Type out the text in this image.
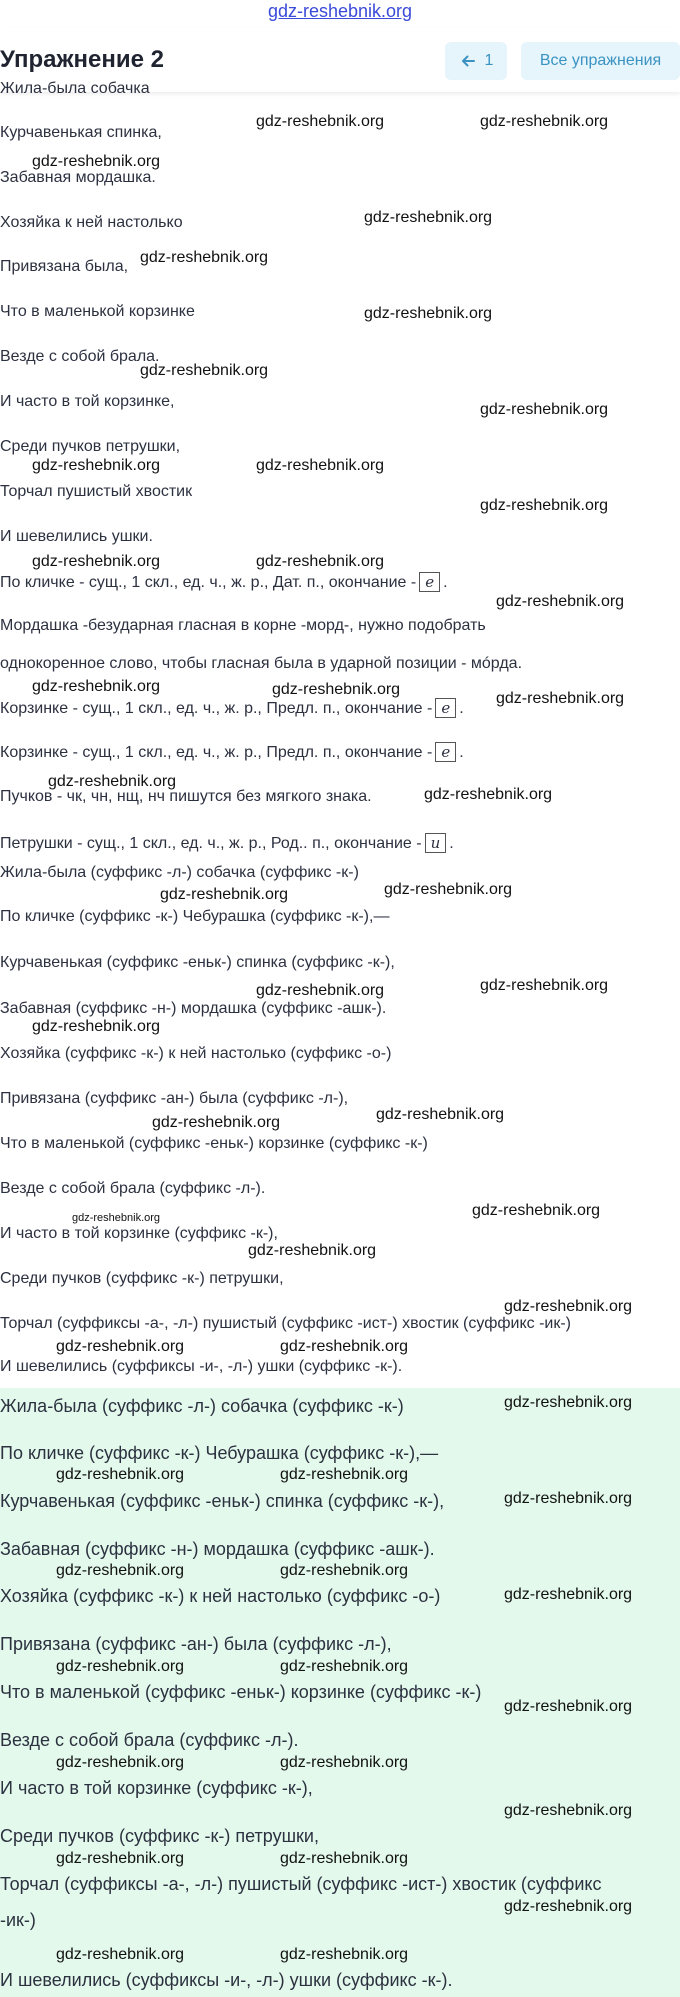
gdz-reshebnik.org
Упражнение 2	1	Все упражнения
Жила-была собачка
Курчавенькая спинка,
Забавная мордашка.
Хозяйка к ней настолько
Привязана была,
Что в маленькой корзинке
Везде с собой брала.
И часто в той корзинке,
Среди пучков петрушки,
Торчал пушистый хвостик
И шевелились ушки.
По кличке - сущ., 1 скл., ед. ч., ж. р., Дат. п., окончание - е .
Мордашка -безударная гласная в корне -морд-, нужно подобрать
однокоренное слово, чтобы гласная была в ударной позиции - мóрда.
Корзинке - сущ., 1 скл., ед. ч., ж. р., Предл. п., окончание - е .
Корзинке - сущ., 1 скл., ед. ч., ж. р., Предл. п., окончание - е .
Пучков - чк, чн, нщ, нч пишутся без мягкого знака.
Петрушки - сущ., 1 скл., ед. ч., ж. р., Род.. п., окончание - и .
Жила-была (суффикс -л-) собачка (суффикс -к-)
По кличке (суффикс -к-) Чебурашка (суффикс -к-),—
Курчавенькая (суффикс -еньк-) спинка (суффикс -к-),
Забавная (суффикс -н-) мордашка (суффикс -ашк-).
Хозяйка (суффикс -к-) к ней настолько (суффикс -о-)
Привязана (суффикс -ан-) была (суффикс -л-),
Что в маленькой (суффикс -еньк-) корзинке (суффикс -к-)
Везде с собой брала (суффикс -л-).
И часто в той корзинке (суффикс -к-),
Среди пучков (суффикс -к-) петрушки,
Торчал (суффиксы -а-, -л-) пушистый (суффикс -ист-) хвостик (суффикс -ик-)
И шевелились (суффиксы -и-, -л-) ушки (суффикс -к-).
Жила-была (суффикс -л-) собачка (суффикс -к-)
По кличке (суффикс -к-) Чебурашка (суффикс -к-),—
Курчавенькая (суффикс -еньк-) спинка (суффикс -к-),
Забавная (суффикс -н-) мордашка (суффикс -ашк-).
Хозяйка (суффикс -к-) к ней настолько (суффикс -о-)
Привязана (суффикс -ан-) была (суффикс -л-),
Что в маленькой (суффикс -еньк-) корзинке (суффикс -к-)
Везде с собой брала (суффикс -л-).
И часто в той корзинке (суффикс -к-),
Среди пучков (суффикс -к-) петрушки,
Торчал (суффиксы -а-, -л-) пушистый (суффикс -ист-) хвостик (суффикс
-ик-)
И шевелились (суффиксы -и-, -л-) ушки (суффикс -к-).
gdz-reshebnik.org	gdz-reshebnik.org
gdz-reshebnik.org
gdz-reshebnik.org
gdz-reshebnik.org
gdz-reshebnik.org
gdz-reshebnik.org
gdz-reshebnik.org
gdz-reshebnik.org	gdz-reshebnik.org
gdz-reshebnik.org
gdz-reshebnik.org	gdz-reshebnik.org
gdz-reshebnik.org
gdz-reshebnik.org	gdz-reshebnik.org
gdz-reshebnik.org
gdz-reshebnik.org
gdz-reshebnik.org
gdz-reshebnik.org
gdz-reshebnik.org
gdz-reshebnik.org	gdz-reshebnik.org
gdz-reshebnik.org
gdz-reshebnik.org
gdz-reshebnik.org
gdz-reshebnik.org
gdz-reshebnik.org
gdz-reshebnik.org
gdz-reshebnik.org
gdz-reshebnik.org	gdz-reshebnik.org
gdz-reshebnik.org
gdz-reshebnik.org	gdz-reshebnik.org
gdz-reshebnik.org
gdz-reshebnik.org	gdz-reshebnik.org
gdz-reshebnik.org
gdz-reshebnik.org	gdz-reshebnik.org
gdz-reshebnik.org
gdz-reshebnik.org	gdz-reshebnik.org
gdz-reshebnik.org
gdz-reshebnik.org	gdz-reshebnik.org
gdz-reshebnik.org
gdz-reshebnik.org	gdz-reshebnik.org
